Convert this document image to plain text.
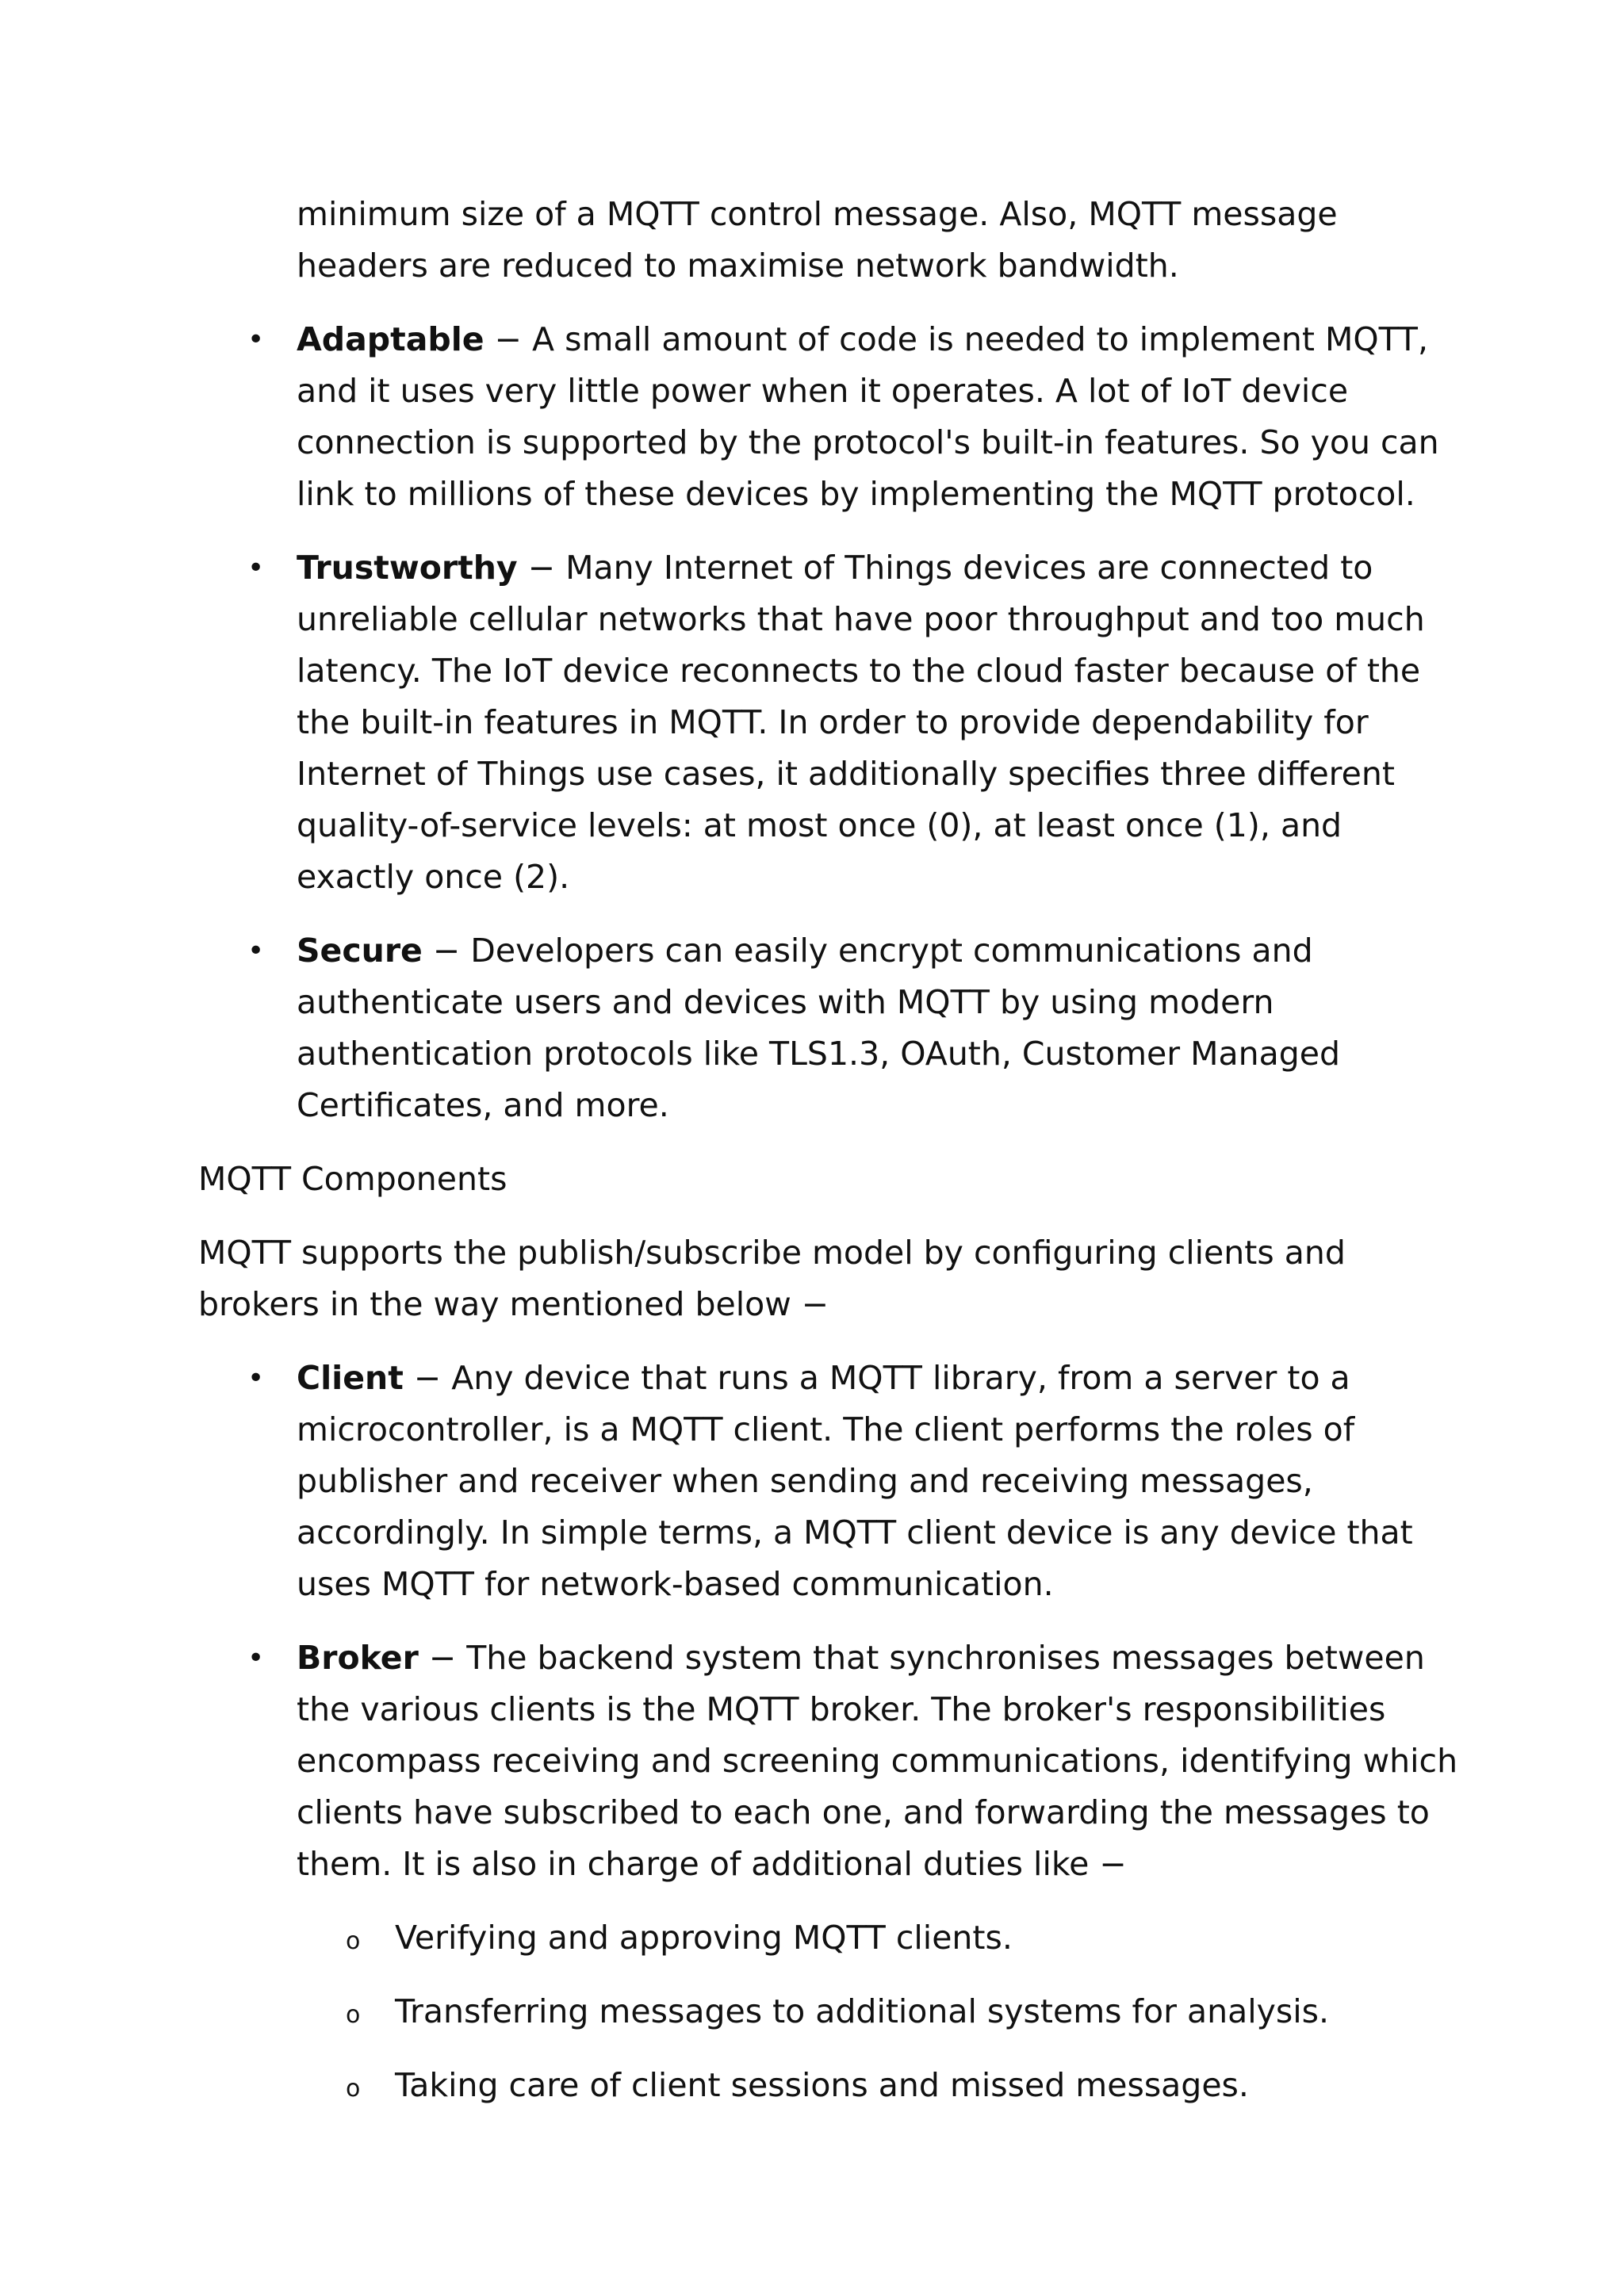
minimum size of a MQTT control message. Also, MQTT message headers are reduced to maximise network bandwidth.

• Adaptable − A small amount of code is needed to implement MQTT, and it uses very little power when it operates. A lot of IoT device connection is supported by the protocol's built-in features. So you can link to millions of these devices by implementing the MQTT protocol.

• Trustworthy − Many Internet of Things devices are connected to unreliable cellular networks that have poor throughput and too much latency. The IoT device reconnects to the cloud faster because of the the built-in features in MQTT. In order to provide dependability for Internet of Things use cases, it additionally specifies three different quality-of-service levels: at most once (0), at least once (1), and exactly once (2).

• Secure − Developers can easily encrypt communications and authenticate users and devices with MQTT by using modern authentication protocols like TLS1.3, OAuth, Customer Managed Certificates, and more.

MQTT Components

MQTT supports the publish/subscribe model by configuring clients and brokers in the way mentioned below −

• Client − Any device that runs a MQTT library, from a server to a microcontroller, is a MQTT client. The client performs the roles of publisher and receiver when sending and receiving messages, accordingly. In simple terms, a MQTT client device is any device that uses MQTT for network-based communication.

• Broker − The backend system that synchronises messages between the various clients is the MQTT broker. The broker's responsibilities encompass receiving and screening communications, identifying which clients have subscribed to each one, and forwarding the messages to them. It is also in charge of additional duties like −

o Verifying and approving MQTT clients.

o Transferring messages to additional systems for analysis.

o Taking care of client sessions and missed messages.
